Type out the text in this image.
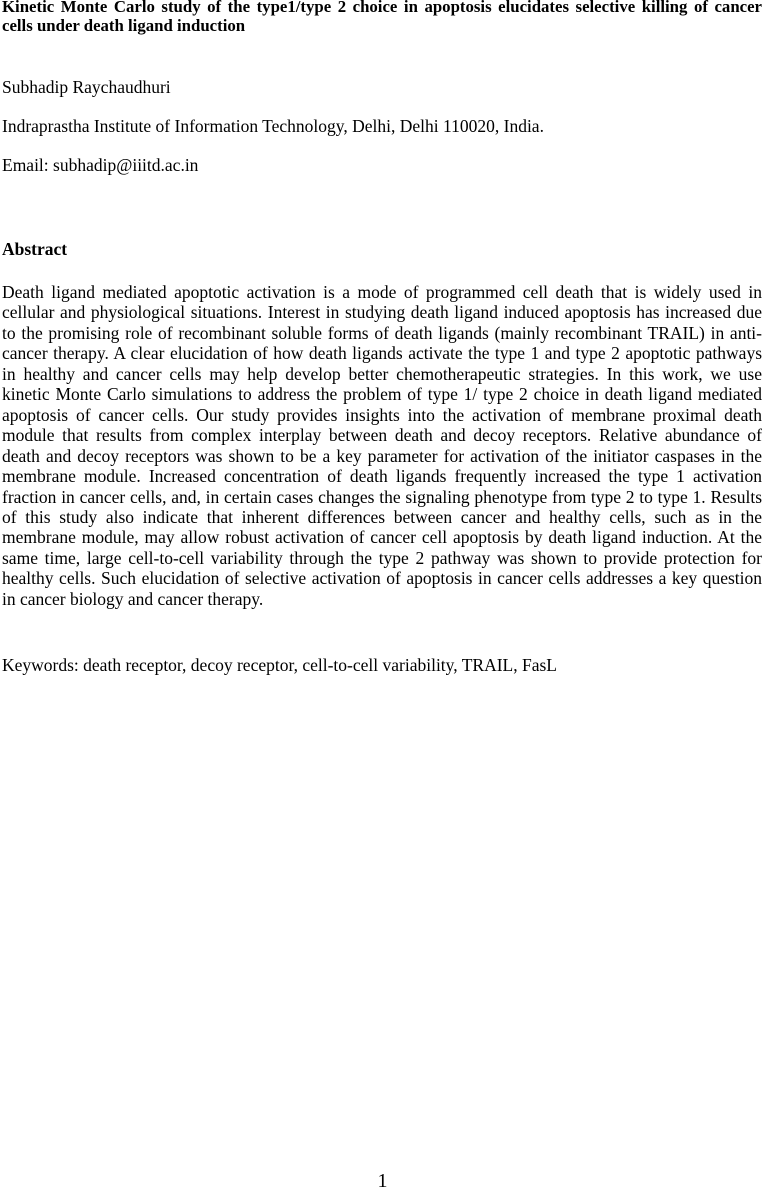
Kinetic Monte Carlo study of the type1/type 2 choice in apoptosis elucidates selective killing of cancer
cells under death ligand induction

Subhadip Raychaudhuri

Indraprastha Institute of Information Technology, Delhi, Delhi 110020, India.

Email: subhadip@iiitd.ac.in

Abstract

Death ligand mediated apoptotic activation is a mode of programmed cell death that is widely used in
cellular and physiological situations. Interest in studying death ligand induced apoptosis has increased due
to the promising role of recombinant soluble forms of death ligands (mainly recombinant TRAIL) in anti-
cancer therapy. A clear elucidation of how death ligands activate the type 1 and type 2 apoptotic pathways
in healthy and cancer cells may help develop better chemotherapeutic strategies. In this work, we use
kinetic Monte Carlo simulations to address the problem of type 1/ type 2 choice in death ligand mediated
apoptosis of cancer cells. Our study provides insights into the activation of membrane proximal death
module that results from complex interplay between death and decoy receptors. Relative abundance of
death and decoy receptors was shown to be a key parameter for activation of the initiator caspases in the
membrane module. Increased concentration of death ligands frequently increased the type 1 activation
fraction in cancer cells, and, in certain cases changes the signaling phenotype from type 2 to type 1. Results
of this study also indicate that inherent differences between cancer and healthy cells, such as in the
membrane module, may allow robust activation of cancer cell apoptosis by death ligand induction. At the
same time, large cell-to-cell variability through the type 2 pathway was shown to provide protection for
healthy cells. Such elucidation of selective activation of apoptosis in cancer cells addresses a key question
in cancer biology and cancer therapy.

Keywords: death receptor, decoy receptor, cell-to-cell variability, TRAIL, FasL

1
